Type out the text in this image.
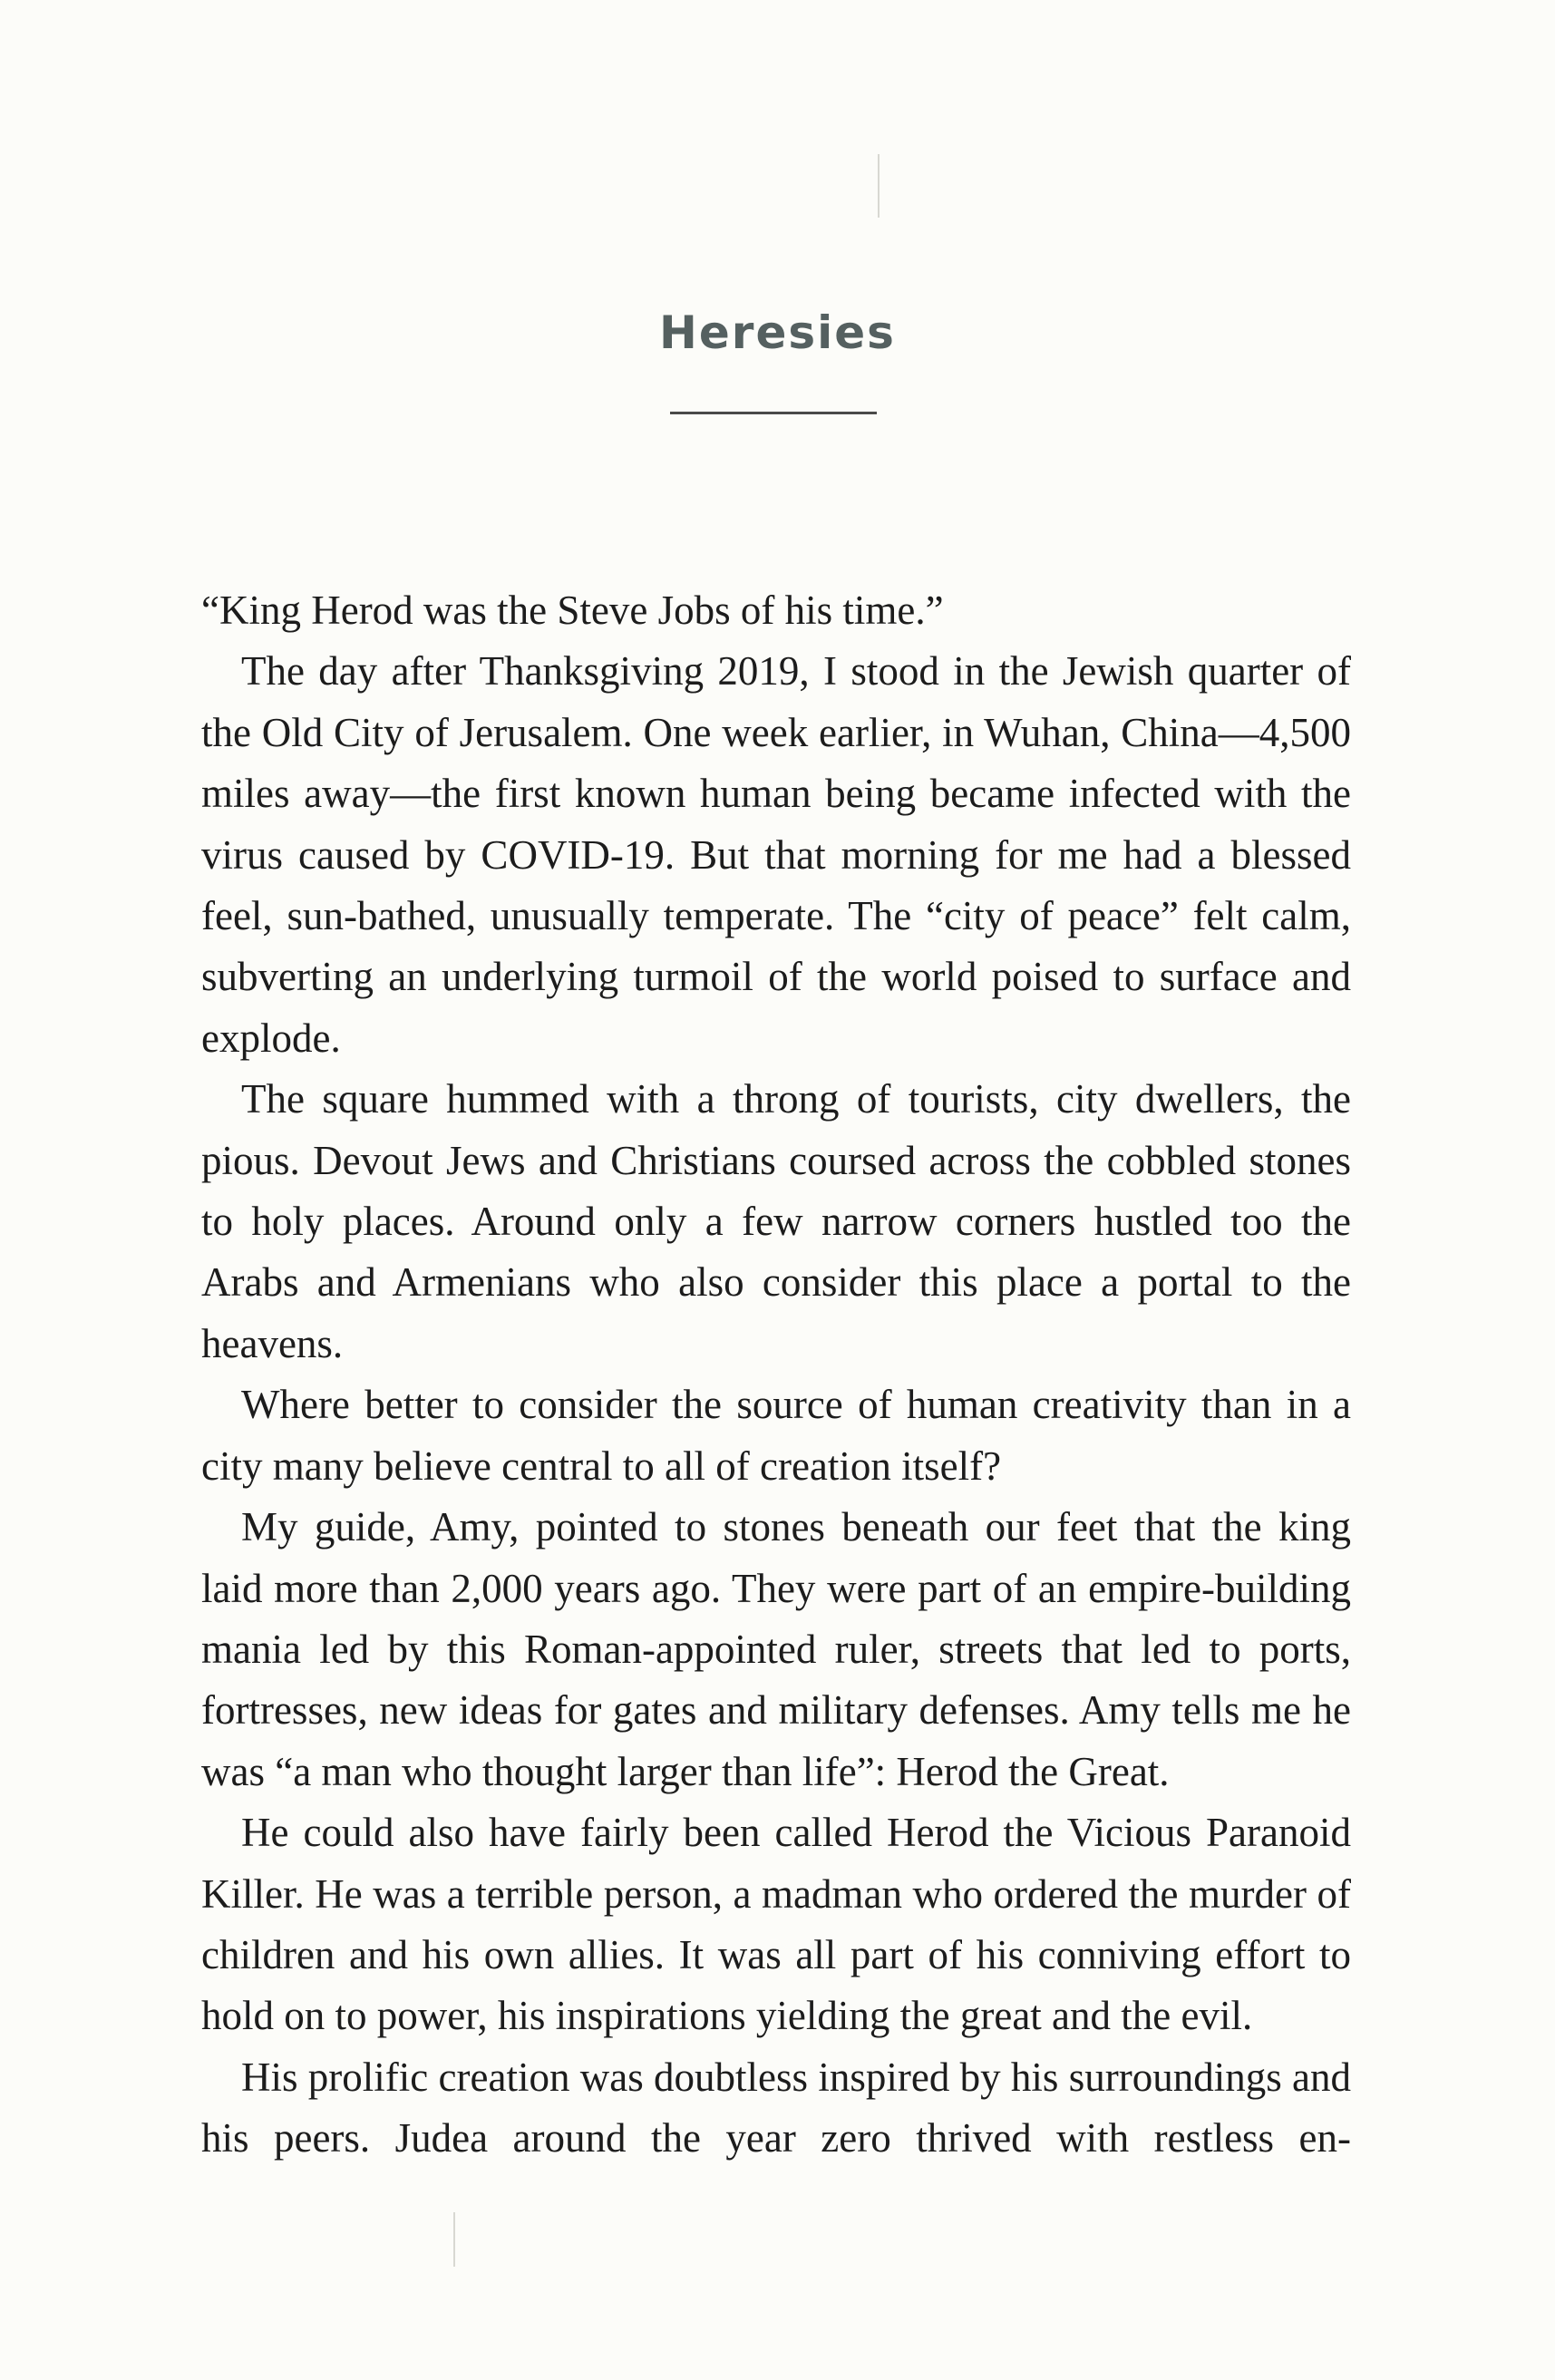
Heresies

“King Herod was the Steve Jobs of his time.”

The day after Thanksgiving 2019, I stood in the Jewish quarter of the Old City of Jerusalem. One week earlier, in Wuhan, China—4,500 miles away—the first known human being became infected with the virus caused by COVID-19. But that morning for me had a blessed feel, sun-bathed, unusually temperate. The “city of peace” felt calm, subverting an underlying turmoil of the world poised to surface and explode.

The square hummed with a throng of tourists, city dwellers, the pious. Devout Jews and Christians coursed across the cobbled stones to holy places. Around only a few narrow corners hustled too the Arabs and Armenians who also consider this place a portal to the heavens.

Where better to consider the source of human creativity than in a city many believe central to all of creation itself?

My guide, Amy, pointed to stones beneath our feet that the king laid more than 2,000 years ago. They were part of an empire-building mania led by this Roman-appointed ruler, streets that led to ports, fortresses, new ideas for gates and military defenses. Amy tells me he was “a man who thought larger than life”: Herod the Great.

He could also have fairly been called Herod the Vicious Paranoid Killer. He was a terrible person, a madman who ordered the murder of children and his own allies. It was all part of his conniving effort to hold on to power, his inspirations yielding the great and the evil.

His prolific creation was doubtless inspired by his surroundings and his peers. Judea around the year zero thrived with restless en-
